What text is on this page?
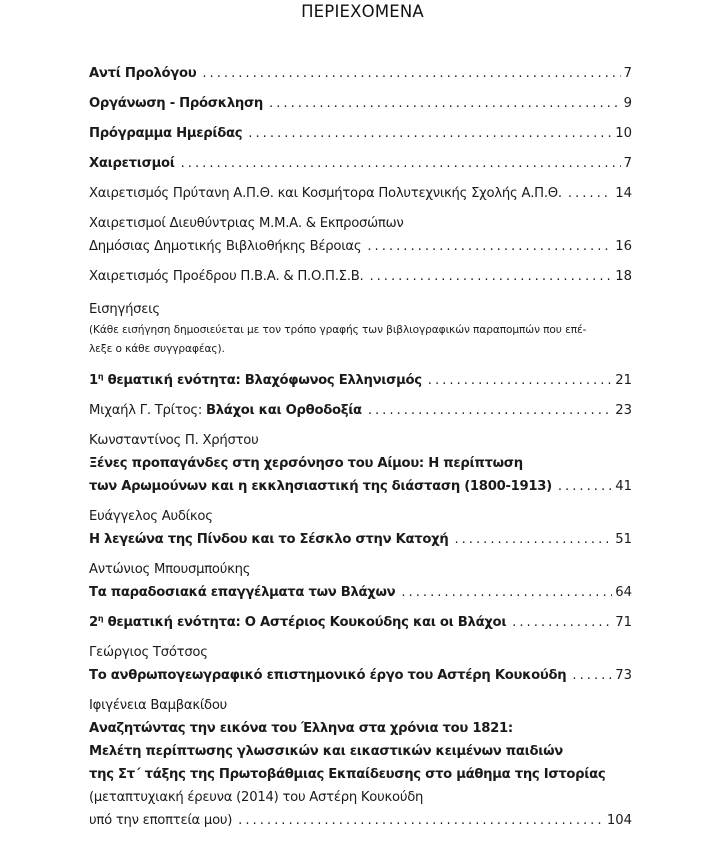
ΠΕΡΙΕΧΟΜΕΝΑ
Αντί Προλόγου . . .	7
Οργάνωση - Πρόσκληση . . .	9
Πρόγραμμα Ημερίδας . . .	10
Χαιρετισμοί . . .	7
Χαιρετισμός Πρύτανη Α.Π.Θ. και Κοσμήτορα Πολυτεχνικής Σχολής Α.Π.Θ. . . .	14
Χαιρετισμοί Διευθύντριας Μ.Μ.Α. & Εκπροσώπων
Δημόσιας Δημοτικής Βιβλιοθήκης Βέροιας . . .	16
Χαιρετισμός Προέδρου Π.Β.Α. & Π.Ο.Π.Σ.Β. . . .	18
Εισηγήσεις
(Κάθε εισήγηση δημοσιεύεται με τον τρόπο γραφής των βιβλιογραφικών παραπομπών που επέ-
λεξε ο κάθε συγγραφέας).
$1^\eta$ θεματική ενότητα: Βλαχόφωνος Ελληνισμός . . .	21
Μιχαήλ Γ. Τρίτος: Βλάχοι και Ορθοδοξία . . .	23
Κωνσταντίνος Π. Χρήστου
Ξένες προπαγάνδες στη χερσόνησο του Αίμου: Η περίπτωση
των Αρωμούνων και η εκκλησιαστική της διάσταση (1800-1913) . . .	41
Ευάγγελος Αυδίκος
Η λεγεώνα της Πίνδου και το Σέσκλο στην Κατοχή . . .	51
Αντώνιος Μπουσμπούκης
Τα παραδοσιακά επαγγέλματα των Βλάχων . . .	64
$2^\eta$ θεματική ενότητα: Ο Αστέριος Κουκούδης και οι Βλάχοι . . .	71
Γεώργιος Τσότσος
Το ανθρωπογεωγραφικό επιστημονικό έργο του Αστέρη Κουκούδη . . .	73
Ιφιγένεια Βαμβακίδου
Αναζητώντας την εικόνα του Έλληνα στα χρόνια του 1821:
Μελέτη περίπτωσης γλωσσικών και εικαστικών κειμένων παιδιών
της Στ΄ τάξης της Πρωτοβάθμιας Εκπαίδευσης στο μάθημα της Ιστορίας
(μεταπτυχιακή έρευνα (2014) του Αστέρη Κουκούδη
υπό την εποπτεία μου) . . .	104
